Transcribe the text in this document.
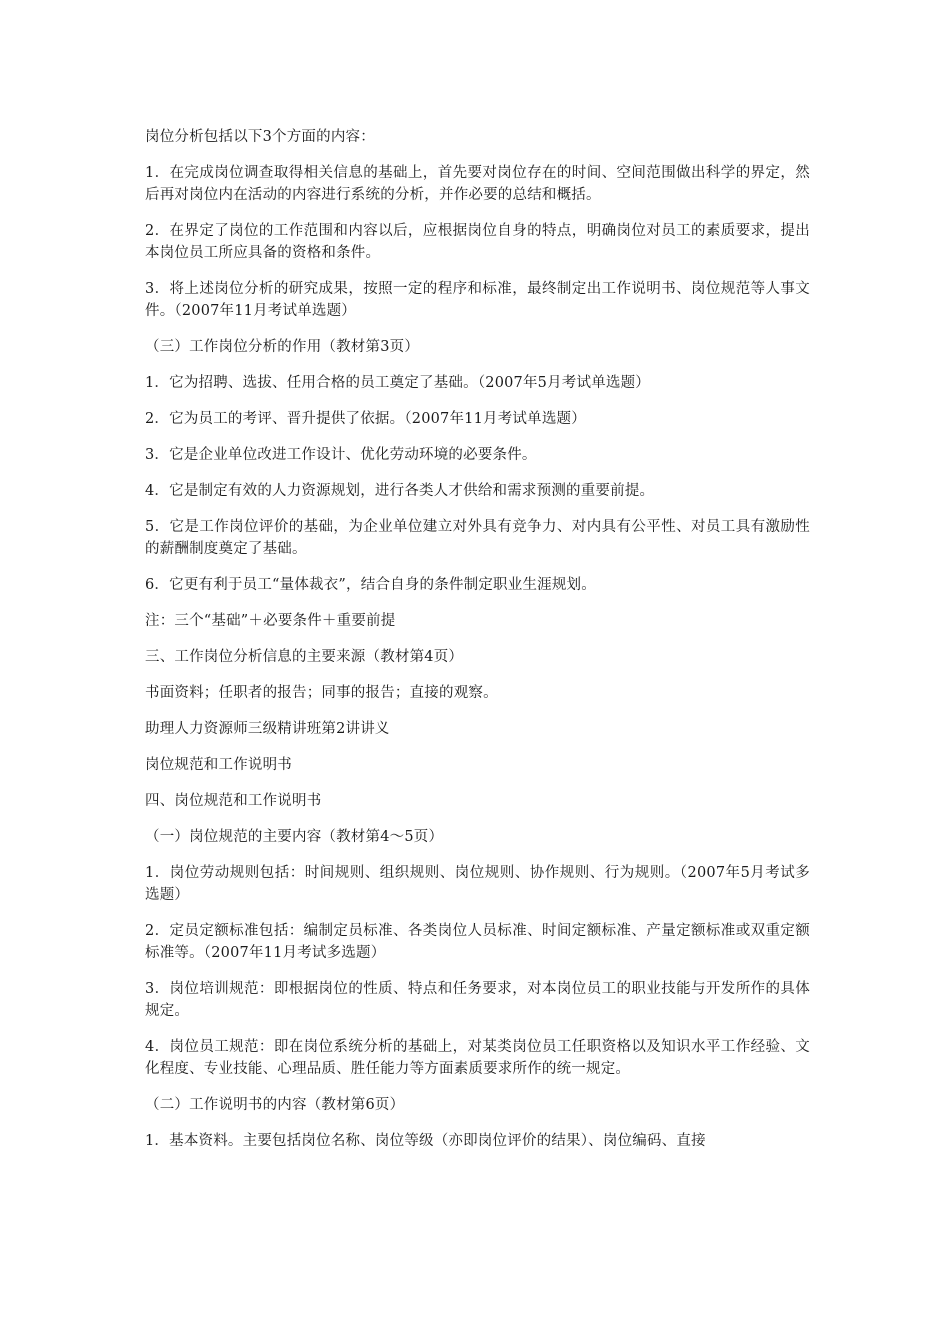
岗位分析包括以下3个方面的内容：

1．在完成岗位调查取得相关信息的基础上，首先要对岗位存在的时间、空间范围做出科学的界定，然后再对岗位内在活动的内容进行系统的分析，并作必要的总结和概括。

2．在界定了岗位的工作范围和内容以后，应根据岗位自身的特点，明确岗位对员工的素质要求，提出本岗位员工所应具备的资格和条件。

3．将上述岗位分析的研究成果，按照一定的程序和标准，最终制定出工作说明书、岗位规范等人事文件。（2007年11月考试单选题）

（三）工作岗位分析的作用（教材第3页）

1．它为招聘、选拔、任用合格的员工奠定了基础。（2007年5月考试单选题）

2．它为员工的考评、晋升提供了依据。（2007年11月考试单选题）

3．它是企业单位改进工作设计、优化劳动环境的必要条件。

4．它是制定有效的人力资源规划，进行各类人才供给和需求预测的重要前提。

5．它是工作岗位评价的基础，为企业单位建立对外具有竞争力、对内具有公平性、对员工具有激励性的薪酬制度奠定了基础。

6．它更有利于员工“量体裁衣”，结合自身的条件制定职业生涯规划。

注：三个“基础”＋必要条件＋重要前提

三、工作岗位分析信息的主要来源（教材第4页）

书面资料；任职者的报告；同事的报告；直接的观察。

助理人力资源师三级精讲班第2讲讲义

岗位规范和工作说明书

四、岗位规范和工作说明书

（一）岗位规范的主要内容（教材第4～5页）

1．岗位劳动规则包括：时间规则、组织规则、岗位规则、协作规则、行为规则。（2007年5月考试多选题）

2．定员定额标准包括：编制定员标准、各类岗位人员标准、时间定额标准、产量定额标准或双重定额标准等。（2007年11月考试多选题）

3．岗位培训规范：即根据岗位的性质、特点和任务要求，对本岗位员工的职业技能与开发所作的具体规定。

4．岗位员工规范：即在岗位系统分析的基础上，对某类岗位员工任职资格以及知识水平工作经验、文化程度、专业技能、心理品质、胜任能力等方面素质要求所作的统一规定。

（二）工作说明书的内容（教材第6页）

1．基本资料。主要包括岗位名称、岗位等级（亦即岗位评价的结果）、岗位编码、直接
